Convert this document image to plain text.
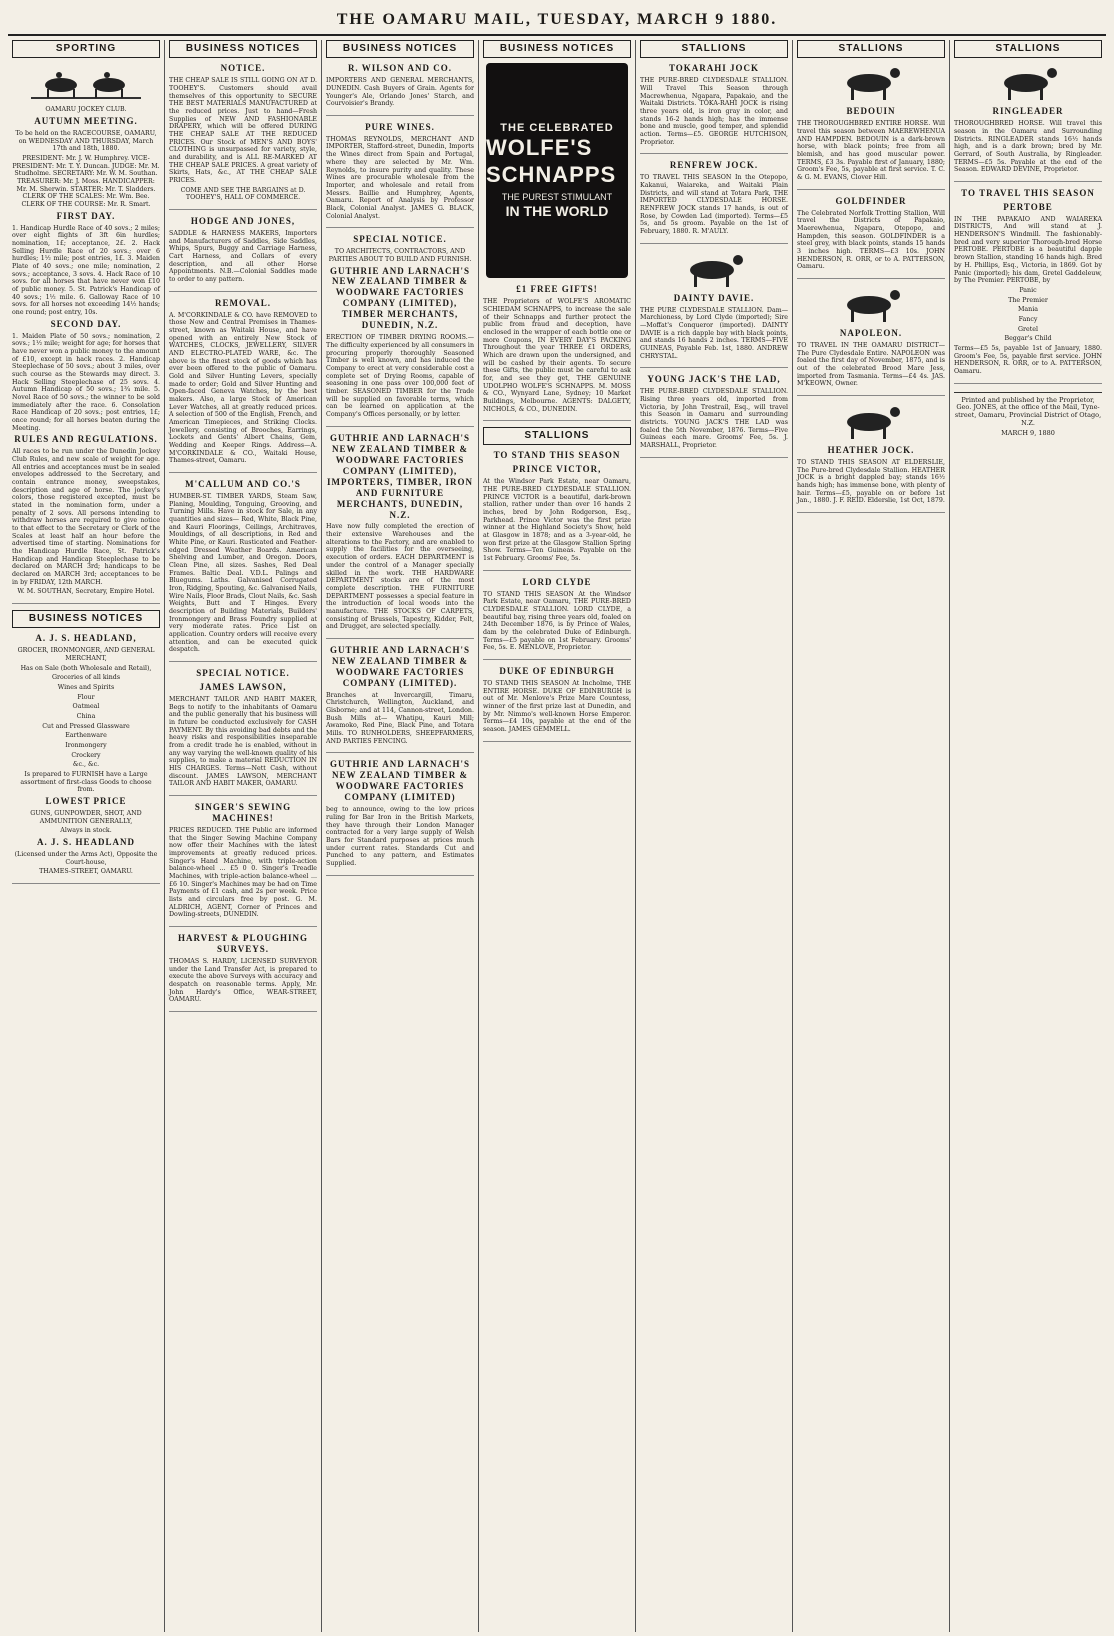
THE OAMARU MAIL, TUESDAY, MARCH 9 1880.
SPORTING

OAMARU JOCKEY CLUB.

AUTUMN MEETING.

To be held on the RACECOURSE, OAMARU, on WEDNESDAY AND THURSDAY, March 17th and 18th, 1880.

PRESIDENT: Mr. J. W. Humphrey. VICE-PRESIDENT: Mr. T. Y. Duncan. JUDGE: Mr. M. Studholme. SECRETARY: Mr. W. M. Southan. TREASURER: Mr. J. Moss. HANDICAPPER: Mr. M. Sherwin. STARTER: Mr. T. Sladders. CLERK OF THE SCALES: Mr. Wm. Bee. CLERK OF THE COURSE: Mr. R. Smart.

FIRST DAY.

1. Handicap Hurdle Race of 40 sovs.; 2 miles; over eight flights of 3ft 6in hurdles; nomination, 1£; acceptance, 2£. 2. Hack Selling Hurdle Race of 20 sovs.; over 6 hurdles; 1½ mile; post entries, 1£. 3. Maiden Plate of 40 sovs.; one mile; nomination, 2 sovs.; acceptance, 3 sovs. 4. Hack Race of 10 sovs. for all horses that have never won £10 of public money. 5. St. Patrick's Handicap of 40 sovs.; 1½ mile. 6. Galloway Race of 10 sovs. for all horses not exceeding 14½ hands; one round; post entry, 10s.

SECOND DAY.

1. Maiden Plate of 50 sovs.; nomination, 2 sovs.; 1½ mile; weight for age; for horses that have never won a public money to the amount of £10, except in hack races. 2. Handicap Steeplechase of 50 sovs.; about 3 miles, over such course as the Stewards may direct. 3. Hack Selling Steeplechase of 25 sovs. 4. Autumn Handicap of 50 sovs.; 1¾ mile. 5. Novel Race of 50 sovs.; the winner to be sold immediately after the race. 6. Consolation Race Handicap of 20 sovs.; post entries, 1£; once round; for all horses beaten during the Meeting.

RULES AND REGULATIONS.

All races to be run under the Dunedin Jockey Club Rules, and new scale of weight for age. All entries and acceptances must be in sealed envelopes addressed to the Secretary, and contain entrance money, sweepstakes, description and age of horse. The jockey's colors, those registered excepted, must be stated in the nomination form, under a penalty of 2 sovs. All persons intending to withdraw horses are required to give notice to that effect to the Secretary or Clerk of the Scales at least half an hour before the advertised time of starting. Nominations for the Handicap Hurdle Race, St. Patrick's Handicap and Handicap Steeplechase to be declared on MARCH 3rd; handicaps to be declared on MARCH 3rd; acceptances to be in by FRIDAY, 12th MARCH.

W. M. SOUTHAN, Secretary, Empire Hotel.

BUSINESS NOTICES
A. J. S. HEADLAND,

GROCER, IRONMONGER, AND GENERAL MERCHANT,

Has on Sale (both Wholesale and Retail),

Groceries of all kinds

Wines and Spirits

Flour

Oatmeal

China

Cut and Pressed Glassware

Earthenware

Ironmongery

Crockery

&c., &c.

Is prepared to FURNISH have a Large assortment of first-class Goods to choose from.

LOWEST PRICE

GUNS, GUNPOWDER, SHOT, AND AMMUNITION GENERALLY,

Always in stock.

A. J. S. HEADLAND

(Licensed under the Arms Act), Opposite the Court-house,

THAMES-STREET, OAMARU.

BUSINESS NOTICES
NOTICE.

THE CHEAP SALE IS STILL GOING ON AT D. TOOHEY'S. Customers should avail themselves of this opportunity to SECURE THE BEST MATERIALS MANUFACTURED at the reduced prices. Just to hand—Fresh Supplies of NEW AND FASHIONABLE DRAPERY, which will be offered DURING THE CHEAP SALE AT THE REDUCED PRICES. Our Stock of MEN'S AND BOYS' CLOTHING is unsurpassed for variety, style, and durability, and is ALL RE-MARKED AT THE CHEAP SALE PRICES. A great variety of Skirts, Hats, &c., AT THE CHEAP SALE PRICES.

COME AND SEE THE BARGAINS at D. TOOHEY'S, HALL OF COMMERCE.

HODGE AND JONES,

SADDLE & HARNESS MAKERS, Importers and Manufacturers of Saddles, Side Saddles, Whips, Spurs, Buggy and Carriage Harness, Cart Harness, and Collars of every description, and all other Horse Appointments. N.B.—Colonial Saddles made to order to any pattern.

REMOVAL.

A. M'CORKINDALE & CO. have REMOVED to those New and Central Premises in Thames-street, known as Waitaki House, and have opened with an entirely New Stock of WATCHES, CLOCKS, JEWELLERY, SILVER AND ELECTRO-PLATED WARE, &c. The above is the finest stock of goods which has ever been offered to the public of Oamaru. Gold and Silver Hunting Levers, specially made to order; Gold and Silver Hunting and Open-faced Geneva Watches, by the best makers. Also, a large Stock of American Lever Watches, all at greatly reduced prices. A selection of 500 of the English, French, and American Timepieces, and Striking Clocks. Jewellery, consisting of Brooches, Earrings, Lockets and Gents' Albert Chains, Gem, Wedding and Keeper Rings. Address—A. M'CORKINDALE & CO., Waitaki House, Thames-street, Oamaru.

M'CALLUM AND CO.'S

HUMBER-ST. TIMBER YARDS, Steam Saw, Planing, Moulding, Tonguing, Grooving, and Turning Mills. Have in stock for Sale, in any quantities and sizes— Red, White, Black Pine, and Kauri Floorings, Ceilings, Architraves, Mouldings, of all descriptions, in Red and White Pine, or Kauri. Rusticated and Feather-edged Dressed Weather Boards. American Shelving and Lumber, and Oregon. Doors, Clean Pine, all sizes. Sashes, Red Deal Frames. Baltic Deal. V.D.L. Palings and Bluegums. Laths. Galvanised Corrugated Iron, Ridging, Spouting, &c. Galvanised Nails, Wire Nails, Floor Brads, Clout Nails, &c. Sash Weights, Butt and T Hinges. Every description of Building Materials, Builders' Ironmongery and Brass Foundry supplied at very moderate rates. Price List on application. Country orders will receive every attention, and can be executed quick despatch.

SPECIAL NOTICE.
JAMES LAWSON,

MERCHANT TAILOR AND HABIT MAKER, Begs to notify to the inhabitants of Oamaru and the public generally that his business will in future be conducted exclusively for CASH PAYMENT. By this avoiding bad debts and the heavy risks and responsibilities inseparable from a credit trade he is enabled, without in any way varying the well-known quality of his supplies, to make a material REDUCTION IN HIS CHARGES. Terms—Nett Cash, without discount. JAMES LAWSON, MERCHANT TAILOR AND HABIT MAKER, OAMARU.

SINGER'S SEWING MACHINES!

PRICES REDUCED. THE Public are informed that the Singer Sewing Machine Company now offer their Machines with the latest improvements at greatly reduced prices. Singer's Hand Machine, with triple-action balance-wheel ... £5 0 0. Singer's Treadle Machines, with triple-action balance-wheel ... £6 10. Singer's Machines may be had on Time Payments of £1 cash, and 2s per week. Price lists and circulars free by post. G. M. ALDRICH, AGENT, Corner of Princes and Dowling-streets, DUNEDIN.

HARVEST & PLOUGHING SURVEYS.

THOMAS S. HARDY, LICENSED SURVEYOR under the Land Transfer Act, is prepared to execute the above Surveys with accuracy and despatch on reasonable terms. Apply, Mr. John Hardy's Office, WEAR-STREET, OAMARU.

BUSINESS NOTICES
R. WILSON AND CO.

IMPORTERS AND GENERAL MERCHANTS, DUNEDIN. Cash Buyers of Grain. Agents for Younger's Ale, Orlando Jones' Starch, and Courvoisier's Brandy.

PURE WINES.

THOMAS REYNOLDS, MERCHANT AND IMPORTER, Stafford-street, Dunedin, Imports the Wines direct from Spain and Portugal, where they are selected by Mr. Wm. Reynolds, to insure purity and quality. These Wines are procurable wholesale from the Importer, and wholesale and retail from Messrs. Baillie and Humphrey, Agents, Oamaru. Report of Analysis by Professor Black, Colonial Analyst. JAMES G. BLACK, Colonial Analyst.

SPECIAL NOTICE.

TO ARCHITECTS, CONTRACTORS, AND PARTIES ABOUT TO BUILD AND FURNISH.

GUTHRIE AND LARNACH'S NEW ZEALAND TIMBER & WOODWARE FACTORIES COMPANY (LIMITED), TIMBER MERCHANTS, DUNEDIN, N.Z.

ERECTION OF TIMBER DRYING ROOMS.—The difficulty experienced by all consumers in procuring properly thoroughly Seasoned Timber is well known, and has induced the Company to erect at very considerable cost a complete set of Drying Rooms, capable of seasoning in one pass over 100,000 feet of timber. SEASONED TIMBER for the Trade will be supplied on favorable terms, which can be learned on application at the Company's Offices personally, or by letter.

GUTHRIE AND LARNACH'S NEW ZEALAND TIMBER & WOODWARE FACTORIES COMPANY (LIMITED), IMPORTERS, TIMBER, IRON AND FURNITURE MERCHANTS, DUNEDIN, N.Z.

Have now fully completed the erection of their extensive Warehouses and the alterations to the Factory, and are enabled to supply the facilities for the overseeing, execution of orders. EACH DEPARTMENT is under the control of a Manager specially skilled in the work. THE HARDWARE DEPARTMENT stocks are of the most complete description. THE FURNITURE DEPARTMENT possesses a special feature in the introduction of local woods into the manufacture. THE STOCKS OF CARPETS, consisting of Brussels, Tapestry, Kidder, Felt, and Drugget, are selected specially.

GUTHRIE AND LARNACH'S NEW ZEALAND TIMBER & WOODWARE FACTORIES COMPANY (LIMITED).

Branches at Invercargill, Timaru, Christchurch, Wellington, Auckland, and Gisborne; and at 114, Cannon-street, London. Bush Mills at— Whatipu, Kauri Mill; Awamoko, Red Pine, Black Pine, and Totara Mills. TO RUNHOLDERS, SHEEPFARMERS, AND PARTIES FENCING.

GUTHRIE AND LARNACH'S NEW ZEALAND TIMBER & WOODWARE FACTORIES COMPANY (LIMITED)

beg to announce, owing to the low prices ruling for Bar Iron in the British Markets, they have through their London Manager contracted for a very large supply of Welsh Bars for Standard purposes at prices much under current rates. Standards Cut and Punched to any pattern, and Estimates Supplied.

BUSINESS NOTICES
THE CELEBRATED
WOLFE'S SCHNAPPS
THE PUREST STIMULANT
IN THE WORLD
£1 FREE GIFTS!

THE Proprietors of WOLFE'S AROMATIC SCHIEDAM SCHNAPPS, to increase the sale of their Schnapps and further protect the public from fraud and deception, have enclosed in the wrapper of each bottle one or more Coupons, IN EVERY DAY'S PACKING Throughout the year THREE £1 ORDERS, Which are drawn upon the undersigned, and will be cashed by their agents. To secure these Gifts, the public must be careful to ask for, and see they get, THE GENUINE UDOLPHO WOLFE'S SCHNAPPS. M. MOSS & CO., Wynyard Lane, Sydney; 10 Market Buildings, Melbourne. AGENTS: DALGETY, NICHOLS, & CO., DUNEDIN.

STALLIONS
TO STAND THIS SEASON
PRINCE VICTOR,

At the Windsor Park Estate, near Oamaru, THE PURE-BRED CLYDESDALE STALLION. PRINCE VICTOR is a beautiful, dark-brown stallion, rather under than over 16 hands 2 inches, bred by John Rodgerson, Esq., Parkhead. Prince Victor was the first prize winner at the Highland Society's Show, held at Glasgow in 1878; and as a 3-year-old, he won first prize at the Glasgow Stallion Spring Show. Terms—Ten Guineas. Payable on the 1st February. Grooms' Fee, 5s.

LORD CLYDE

TO STAND THIS SEASON At the Windsor Park Estate, near Oamaru, THE PURE-BRED CLYDESDALE STALLION. LORD CLYDE, a beautiful bay, rising three years old, foaled on 24th December 1876, is by Prince of Wales, dam by the celebrated Duke of Edinburgh. Terms—£5 payable on 1st February. Grooms' Fee, 5s. E. MENLOVE, Proprietor.

DUKE OF EDINBURGH

TO STAND THIS SEASON At Incholme, THE ENTIRE HORSE. DUKE OF EDINBURGH is out of Mr. Menlove's Prize Mare Countess, winner of the first prize last at Dunedin, and by Mr. Nimmo's well-known Horse Emperor. Terms—£4 10s, payable at the end of the season. JAMES GEMMELL.

STALLIONS
TOKARAHI JOCK

THE PURE-BRED CLYDESDALE STALLION. Will Travel This Season through Macrewhenua, Ngapara, Papakaio, and the Waitaki Districts. TOKA-RAHI JOCK is rising three years old, is iron gray in color, and stands 16-2 hands high; has the immense bone and muscle, good temper, and splendid action. Terms—£5. GEORGE HUTCHISON, Proprietor.

RENFREW JOCK.

TO TRAVEL THIS SEASON In the Otepopo, Kakanui, Waiareka, and Waitaki Plain Districts, and will stand at Totara Park, THE IMPORTED CLYDESDALE HORSE. RENFREW JOCK stands 17 hands, is out of Rose, by Cowden Lad (imported). Terms—£5 5s, and 5s groom. Payable on the 1st of February, 1880. R. M'AULY.

DAINTY DAVIE.

THE PURE CLYDESDALE STALLION. Dam—Marchioness, by Lord Clyde (imported); Sire—Moffat's Conqueror (imported). DAINTY DAVIE is a rich dapple bay with black points, and stands 16 hands 2 inches. TERMS—FIVE GUINEAS, Payable Feb. 1st, 1880. ANDREW CHRYSTAL.

YOUNG JACK'S THE LAD,

THE PURE-BRED CLYDESDALE STALLION. Rising three years old, imported from Victoria, by John Trestrail, Esq., will travel this Season in Oamaru and surrounding districts. YOUNG JACK'S THE LAD was foaled the 5th November, 1876. Terms—Five Guineas each mare. Grooms' Fee, 5s. J. MARSHALL, Proprietor.

STALLIONS
BEDOUIN

THE THOROUGHBRED ENTIRE HORSE. Will travel this season between MAEREWHENUA AND HAMPDEN. BEDOUIN is a dark-brown horse, with black points; free from all blemish, and has good muscular power. TERMS, £3 3s. Payable first of January, 1880; Groom's Fee, 5s, payable at first service. T. C. & G. M. EVANS, Clover Hill.

GOLDFINDER

The Celebrated Norfolk Trotting Stallion, Will travel the Districts of Papakaio, Maerewhenua, Ngapara, Otepopo, and Hampden, this season. GOLDFINDER is a steel grey, with black points, stands 15 hands 3 inches high. TERMS—£3 10s. JOHN HENDERSON, R. ORR, or to A. PATTERSON, Oamaru.

NAPOLEON.

TO TRAVEL IN THE OAMARU DISTRICT—The Pure Clydesdale Entire. NAPOLEON was foaled the first day of November, 1875, and is out of the celebrated Brood Mare Jess, imported from Tasmania. Terms—£4 4s. JAS. M'KEOWN, Owner.

HEATHER JOCK.

TO STAND THIS SEASON AT ELDERSLIE, The Pure-bred Clydesdale Stallion. HEATHER JOCK is a bright dappled bay; stands 16½ hands high; has immense bone, with plenty of hair. Terms—£5, payable on or before 1st Jan., 1880. J. F. REID. Elderslie, 1st Oct, 1879.

STALLIONS
RINGLEADER

THOROUGHBRED HORSE. Will travel this season in the Oamaru and Surrounding Districts. RINGLEADER stands 16½ hands high, and is a dark brown; bred by Mr. Gerrard, of South Australia, by Ringleader. TERMS—£5 5s. Payable at the end of the Season. EDWARD DEVINE, Proprietor.

TO TRAVEL THIS SEASON
PERTOBE

IN THE PAPAKAIO AND WAIAREKA DISTRICTS, And will stand at J. HENDERSON'S Windmill. The fashionably-bred and very superior Thorough-bred Horse PERTOBE. PERTOBE is a beautiful dapple brown Stallion, standing 16 hands high. Bred by H. Phillips, Esq., Victoria, in 1869. Got by Panic (imported); his dam, Gretel Gaddeleuw, by The Premier. PERTOBE, by

Panic

The Premier

Mania

Fancy

Gretel

Beggar's Child

Terms—£5 5s, payable 1st of January, 1880. Groom's Fee, 5s, payable first service. JOHN HENDERSON, R. ORR, or to A. PATTERSON, Oamaru.

Printed and published by the Proprietor, Geo. JONES, at the office of the Mail, Tyne-street, Oamaru, Provincial District of Otago, N.Z.

MARCH 9, 1880
